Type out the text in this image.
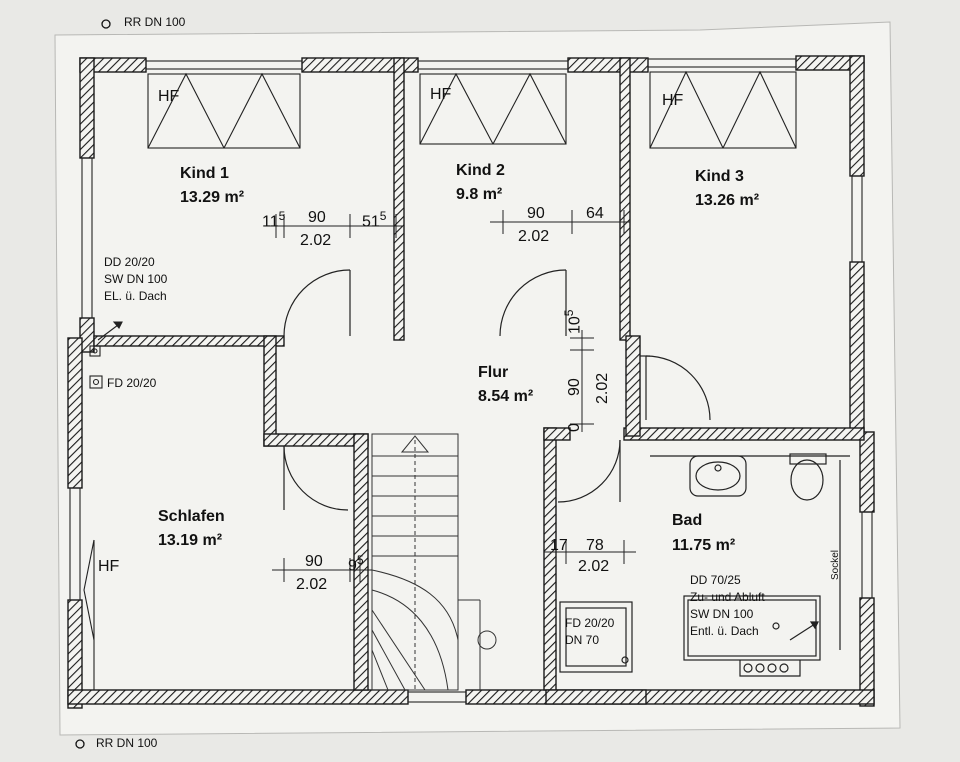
RR DN 100
RR DN 100
HF	HF	HF
HF
Kind 1
13.29 m²
Kind 2
9.8 m²
Kind 3
13.26 m²
Flur
8.54 m²
Schlafen
13.19 m²
Bad
11.75 m²
$11^5$ 90 $51^5$
2.02
90	64
2.02
$10^5$
90
0
2.02
90 $9^5$
2.02
17 78
2.02
DD 20/20
SW DN 100
EL. ü. Dach
FD 20/20
FD 20/20
DN 70
DD 70/25
Zu- und Abluft
SW DN 100
Entl. ü. Dach
Sockel
